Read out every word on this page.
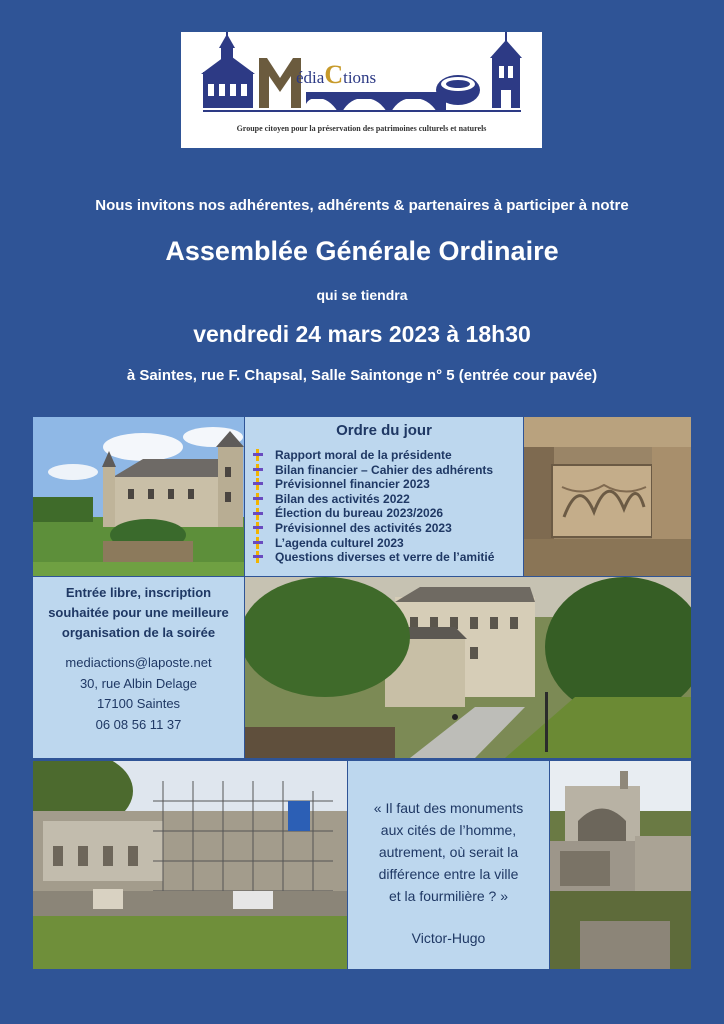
édiaCtions
Groupe citoyen pour la préservation des patrimoines culturels et naturels
Nous invitons nos adhérentes, adhérents & partenaires à participer à notre
Assemblée Générale Ordinaire
qui se tiendra
vendredi 24 mars 2023 à 18h30
à Saintes, rue F. Chapsal, Salle Saintonge n° 5 (entrée cour pavée)
Ordre du jour
Rapport moral de la présidente
Bilan financier – Cahier des adhérents
Prévisionnel financier 2023
Bilan des activités 2022
Élection du bureau 2023/2026
Prévisionnel des activités 2023
L’agenda culturel 2023
Questions diverses et verre de l’amitié
Entrée libre, inscription
souhaitée pour une meilleure
organisation de la soirée
mediactions@laposte.net
30, rue Albin Delage
17100 Saintes
06 08 56 11 37
« Il faut des monuments
aux cités de l’homme,
autrement, où serait la
différence entre la ville
et la fourmilière ? »
Victor-Hugo
